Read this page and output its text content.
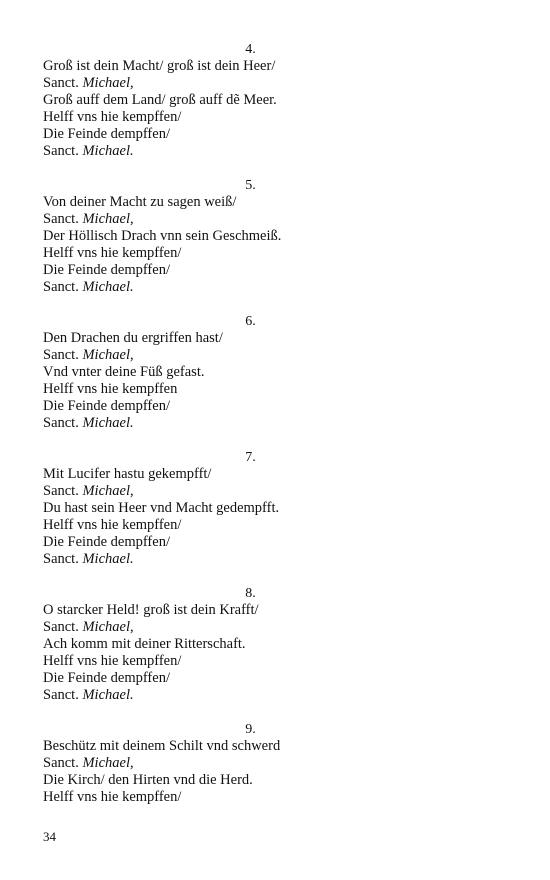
4.
Groß ist dein Macht/ groß ist dein Heer/
Sanct. Michael,
Groß auff dem Land/ groß auff dẽ Meer.
Helff vns hie kempffen/
Die Feinde dempffen/
Sanct. Michael.
5.
Von deiner Macht zu sagen weiß/
Sanct. Michael,
Der Höllisch Drach vnn sein Geschmeiß.
Helff vns hie kempffen/
Die Feinde dempffen/
Sanct. Michael.
6.
Den Drachen du ergriffen hast/
Sanct. Michael,
Vnd vnter deine Füß gefast.
Helff vns hie kempffen
Die Feinde dempffen/
Sanct. Michael.
7.
Mit Lucifer hastu gekempfft/
Sanct. Michael,
Du hast sein Heer vnd Macht gedempfft.
Helff vns hie kempffen/
Die Feinde dempffen/
Sanct. Michael.
8.
O starcker Held! groß ist dein Krafft/
Sanct. Michael,
Ach komm mit deiner Ritterschaft.
Helff vns hie kempffen/
Die Feinde dempffen/
Sanct. Michael.
9.
Beschütz mit deinem Schilt vnd schwerd
Sanct. Michael,
Die Kirch/ den Hirten vnd die Herd.
Helff vns hie kempffen/
34
